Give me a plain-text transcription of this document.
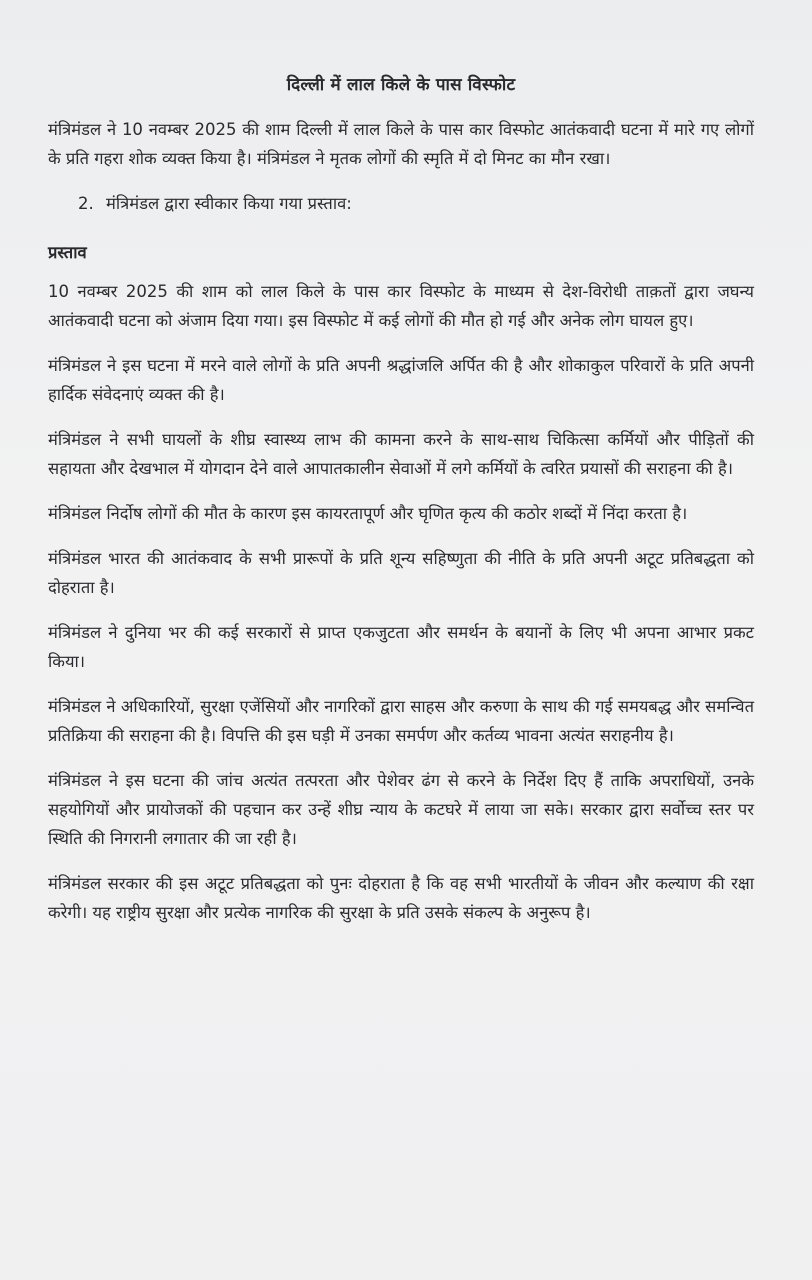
दिल्ली में लाल किले के पास विस्फोट
मंत्रिमंडल ने 10 नवम्बर 2025 की शाम दिल्ली में लाल किले के पास कार विस्फोट आतंकवादी घटना में मारे गए लोगों के प्रति गहरा शोक व्यक्त किया है। मंत्रिमंडल ने मृतक लोगों की स्मृति में दो मिनट का मौन रखा।
2. मंत्रिमंडल द्वारा स्वीकार किया गया प्रस्ताव:
प्रस्ताव
10 नवम्बर 2025 की शाम को लाल किले के पास कार विस्फोट के माध्यम से देश-विरोधी ताक़तों द्वारा जघन्य आतंकवादी घटना को अंजाम दिया गया। इस विस्फोट में कई लोगों की मौत हो गई और अनेक लोग घायल हुए।
मंत्रिमंडल ने इस घटना में मरने वाले लोगों के प्रति अपनी श्रद्धांजलि अर्पित की है और शोकाकुल परिवारों के प्रति अपनी हार्दिक संवेदनाएं व्यक्त की है।
मंत्रिमंडल ने सभी घायलों के शीघ्र स्वास्थ्य लाभ की कामना करने के साथ-साथ चिकित्सा कर्मियों और पीड़ितों की सहायता और देखभाल में योगदान देने वाले आपातकालीन सेवाओं में लगे कर्मियों के त्वरित प्रयासों की सराहना की है।
मंत्रिमंडल निर्दोष लोगों की मौत के कारण इस कायरतापूर्ण और घृणित कृत्य की कठोर शब्दों में निंदा करता है।
मंत्रिमंडल भारत की आतंकवाद के सभी प्रारूपों के प्रति शून्य सहिष्णुता की नीति के प्रति अपनी अटूट प्रतिबद्धता को दोहराता है।
मंत्रिमंडल ने दुनिया भर की कई सरकारों से प्राप्त एकजुटता और समर्थन के बयानों के लिए भी अपना आभार प्रकट किया।
मंत्रिमंडल ने अधिकारियों, सुरक्षा एजेंसियों और नागरिकों द्वारा साहस और करुणा के साथ की गई समयबद्ध और समन्वित प्रतिक्रिया की सराहना की है। विपत्ति की इस घड़ी में उनका समर्पण और कर्तव्य भावना अत्यंत सराहनीय है।
मंत्रिमंडल ने इस घटना की जांच अत्यंत तत्परता और पेशेवर ढंग से करने के निर्देश दिए हैं ताकि अपराधियों, उनके सहयोगियों और प्रायोजकों की पहचान कर उन्हें शीघ्र न्याय के कटघरे में लाया जा सके। सरकार द्वारा सर्वोच्च स्तर पर स्थिति की निगरानी लगातार की जा रही है।
मंत्रिमंडल सरकार की इस अटूट प्रतिबद्धता को पुनः दोहराता है कि वह सभी भारतीयों के जीवन और कल्याण की रक्षा करेगी। यह राष्ट्रीय सुरक्षा और प्रत्येक नागरिक की सुरक्षा के प्रति उसके संकल्प के अनुरूप है।
